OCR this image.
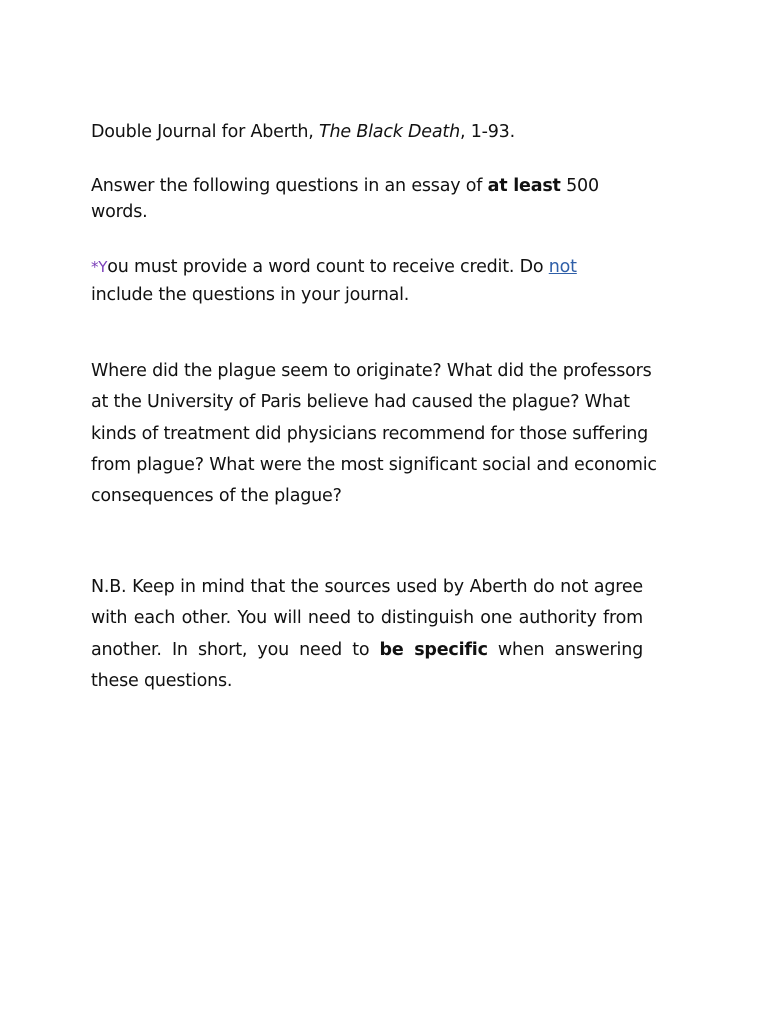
Double Journal for Aberth, The Black Death, 1-93.
Answer the following questions in an essay of at least 500 words.
*You must provide a word count to receive credit. Do not include the questions in your journal.
Where did the plague seem to originate? What did the professors at the University of Paris believe had caused the plague? What kinds of treatment did physicians recommend for those suffering from plague? What were the most significant social and economic consequences of the plague?
N.B. Keep in mind that the sources used by Aberth do not agree with each other. You will need to distinguish one authority from another. In short, you need to be specific when answering these questions.
